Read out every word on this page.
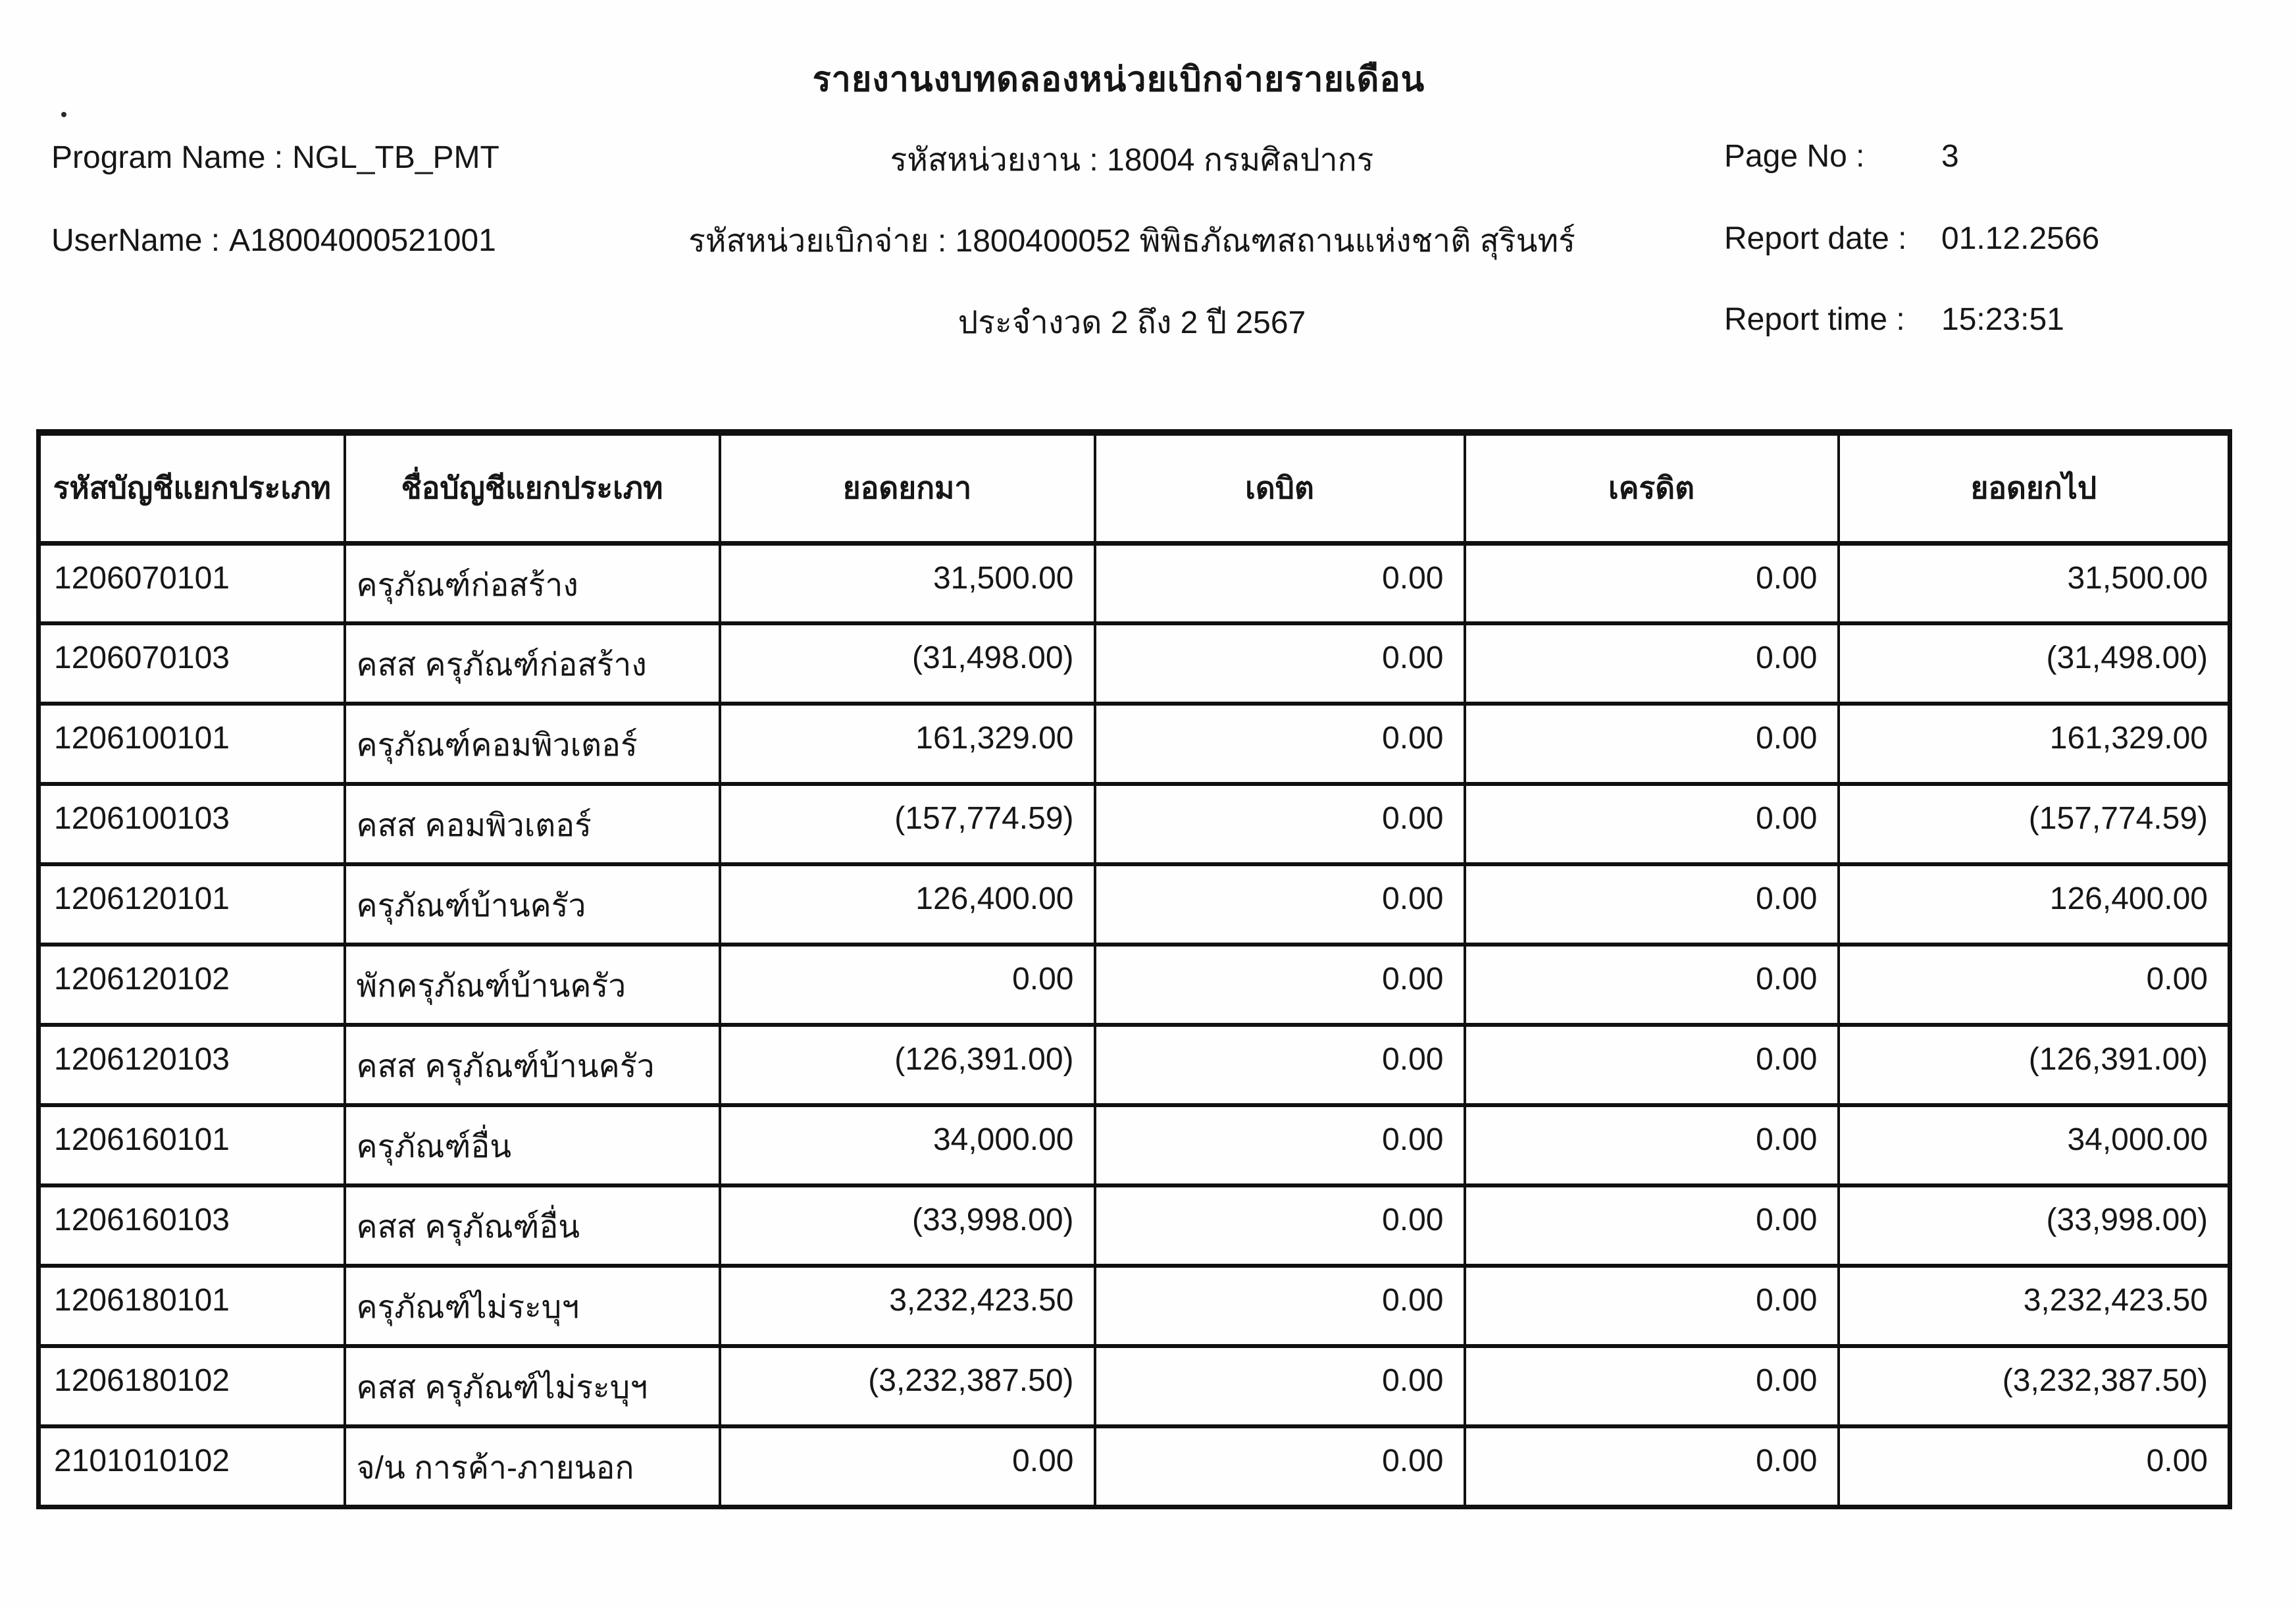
รายงานงบทดลองหน่วยเบิกจ่ายรายเดือน
Program Name : NGL_TB_PMT
UserName : A18004000521001
รหัสหน่วยงาน : 18004 กรมศิลปากร
รหัสหน่วยเบิกจ่าย : 1800400052 พิพิธภัณฑสถานแห่งชาติ สุรินทร์
ประจำงวด 2 ถึง 2 ปี 2567
Page No : 3
Report date : 01.12.2566
Report time : 15:23:51
รหัสบัญชีแยกประเภท	ชื่อบัญชีแยกประเภท	ยอดยกมา	เดบิต	เครดิต	ยอดยกไป
1206070101	ครุภัณฑ์ก่อสร้าง	31,500.00	0.00	0.00	31,500.00
1206070103	คสส ครุภัณฑ์ก่อสร้าง	(31,498.00)	0.00	0.00	(31,498.00)
1206100101	ครุภัณฑ์คอมพิวเตอร์	161,329.00	0.00	0.00	161,329.00
1206100103	คสส คอมพิวเตอร์	(157,774.59)	0.00	0.00	(157,774.59)
1206120101	ครุภัณฑ์บ้านครัว	126,400.00	0.00	0.00	126,400.00
1206120102	พักครุภัณฑ์บ้านครัว	0.00	0.00	0.00	0.00
1206120103	คสส ครุภัณฑ์บ้านครัว	(126,391.00)	0.00	0.00	(126,391.00)
1206160101	ครุภัณฑ์อื่น	34,000.00	0.00	0.00	34,000.00
1206160103	คสส ครุภัณฑ์อื่น	(33,998.00)	0.00	0.00	(33,998.00)
1206180101	ครุภัณฑ์ไม่ระบุฯ	3,232,423.50	0.00	0.00	3,232,423.50
1206180102	คสส ครุภัณฑ์ไม่ระบุฯ	(3,232,387.50)	0.00	0.00	(3,232,387.50)
2101010102	จ/น การค้า-ภายนอก	0.00	0.00	0.00	0.00
